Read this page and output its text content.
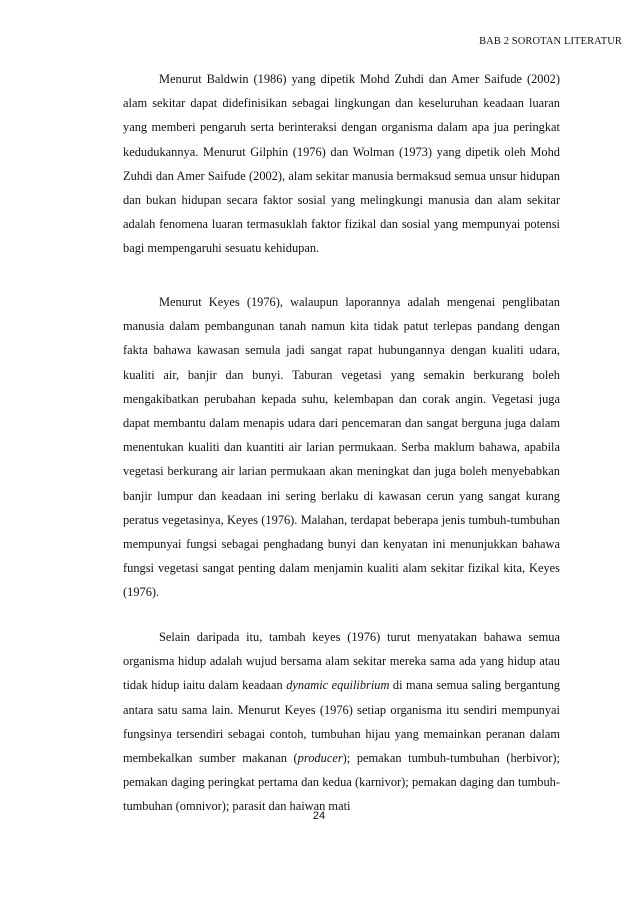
BAB 2 SOROTAN LITERATUR

Menurut Baldwin (1986) yang dipetik Mohd Zuhdi dan Amer Saifude (2002) alam sekitar dapat didefinisikan sebagai lingkungan dan keseluruhan keadaan luaran yang memberi pengaruh serta berinteraksi dengan organisma dalam apa jua peringkat kedudukannya. Menurut Gilphin (1976) dan Wolman (1973) yang dipetik oleh Mohd Zuhdi dan Amer Saifude (2002), alam sekitar manusia bermaksud semua unsur hidupan dan bukan hidupan secara faktor sosial yang melingkungi manusia dan alam sekitar adalah fenomena luaran termasuklah faktor fizikal dan sosial yang mempunyai potensi bagi mempengaruhi sesuatu kehidupan.

Menurut Keyes (1976), walaupun laporannya adalah mengenai penglibatan manusia dalam pembangunan tanah namun kita tidak patut terlepas pandang dengan fakta bahawa kawasan semula jadi sangat rapat hubungannya dengan kualiti udara, kualiti air, banjir dan bunyi. Taburan vegetasi yang semakin berkurang boleh mengakibatkan perubahan kepada suhu, kelembapan dan corak angin. Vegetasi juga dapat membantu dalam menapis udara dari pencemaran dan sangat berguna juga dalam menentukan kualiti dan kuantiti air larian permukaan. Serba maklum bahawa, apabila vegetasi berkurang air larian permukaan akan meningkat dan juga boleh menyebabkan banjir lumpur dan keadaan ini sering berlaku di kawasan cerun yang sangat kurang peratus vegetasinya, Keyes (1976). Malahan, terdapat beberapa jenis tumbuh-tumbuhan mempunyai fungsi sebagai penghadang bunyi dan kenyatan ini menunjukkan bahawa fungsi vegetasi sangat penting dalam menjamin kualiti alam sekitar fizikal kita, Keyes (1976).

Selain daripada itu, tambah keyes (1976) turut menyatakan bahawa semua organisma hidup adalah wujud bersama alam sekitar mereka sama ada yang hidup atau tidak hidup iaitu dalam keadaan dynamic equilibrium di mana semua saling bergantung antara satu sama lain. Menurut Keyes (1976) setiap organisma itu sendiri mempunyai fungsinya tersendiri sebagai contoh, tumbuhan hijau yang memainkan peranan dalam membekalkan sumber makanan (producer); pemakan tumbuh-tumbuhan (herbivor); pemakan daging peringkat pertama dan kedua (karnivor); pemakan daging dan tumbuh-tumbuhan (omnivor); parasit dan haiwan mati

24
